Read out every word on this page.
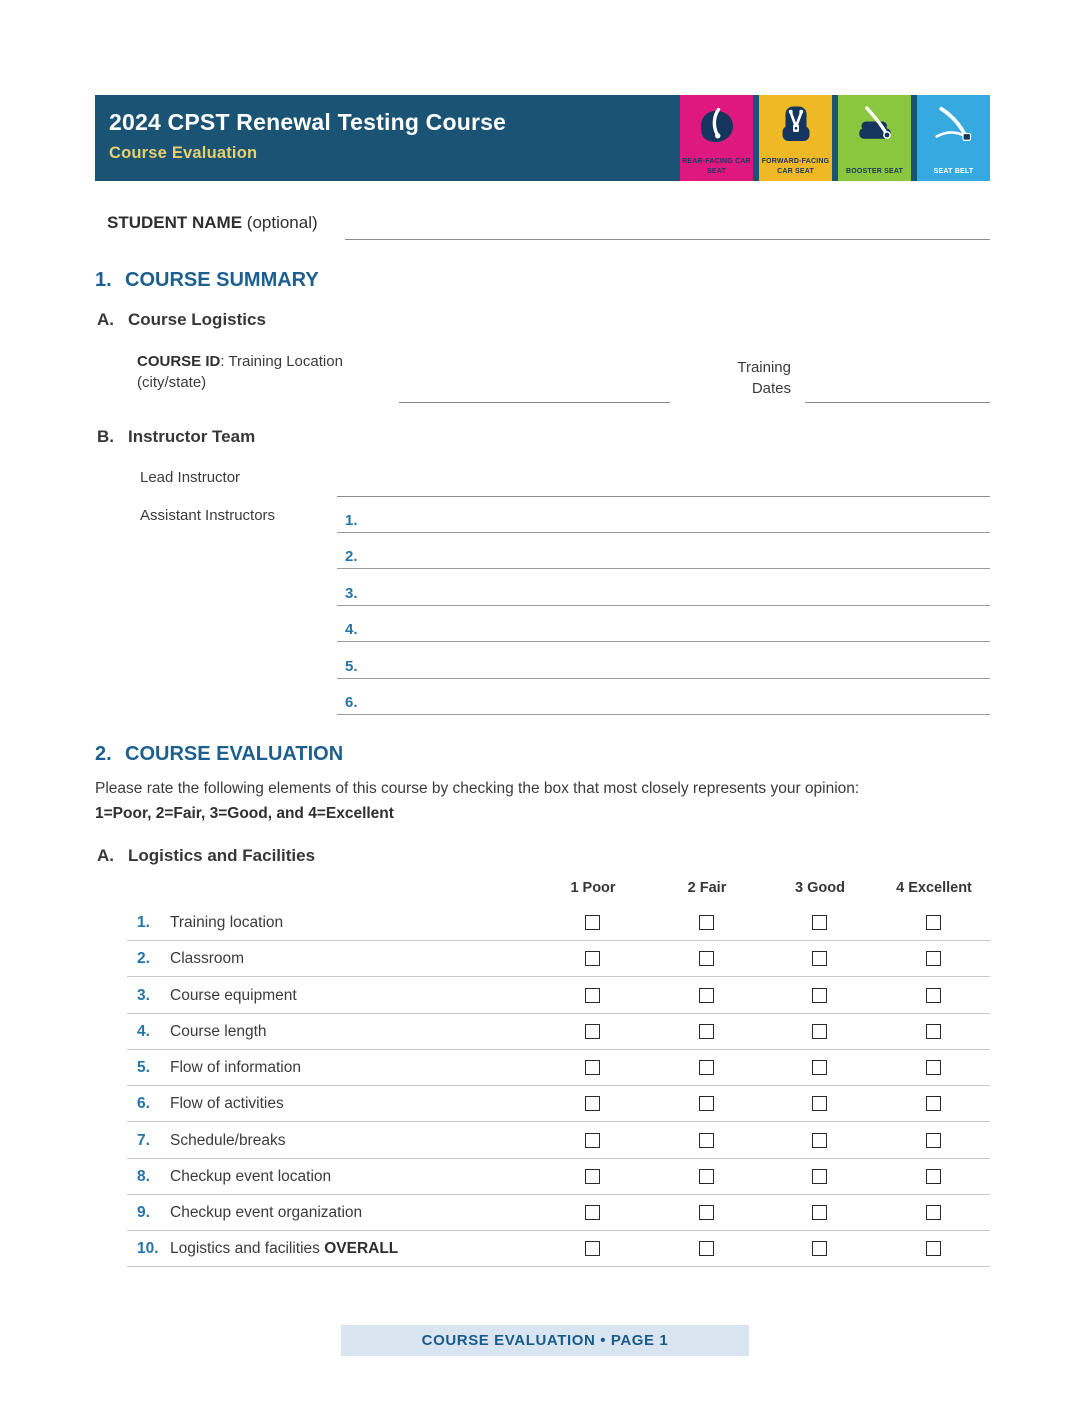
2024 CPST Renewal Testing Course
Course Evaluation	REAR-FACING CAR SEAT
FORWARD-FACING CAR SEAT	BOOSTER SEAT	SEAT BELT
STUDENT NAME (optional)
1. COURSE SUMMARY
A. Course Logistics
COURSE ID: Training Location (city/state)
Training Dates
B. Instructor Team
Lead Instructor
Assistant Instructors	1.
2.
3.
4.
5.
6.
2. COURSE EVALUATION
Please rate the following elements of this course by checking the box that most closely represents your opinion:
1=Poor, 2=Fair, 3=Good, and 4=Excellent
A. Logistics and Facilities
1 Poor	2 Fair	3 Good	4 Excellent
1.	Training location
2.	Classroom
3.	Course equipment
4.	Course length
5.	Flow of information
6.	Flow of activities
7.	Schedule/breaks
8.	Checkup event location
9.	Checkup event organization
10. Logistics and facilities OVERALL
COURSE EVALUATION • PAGE 1
